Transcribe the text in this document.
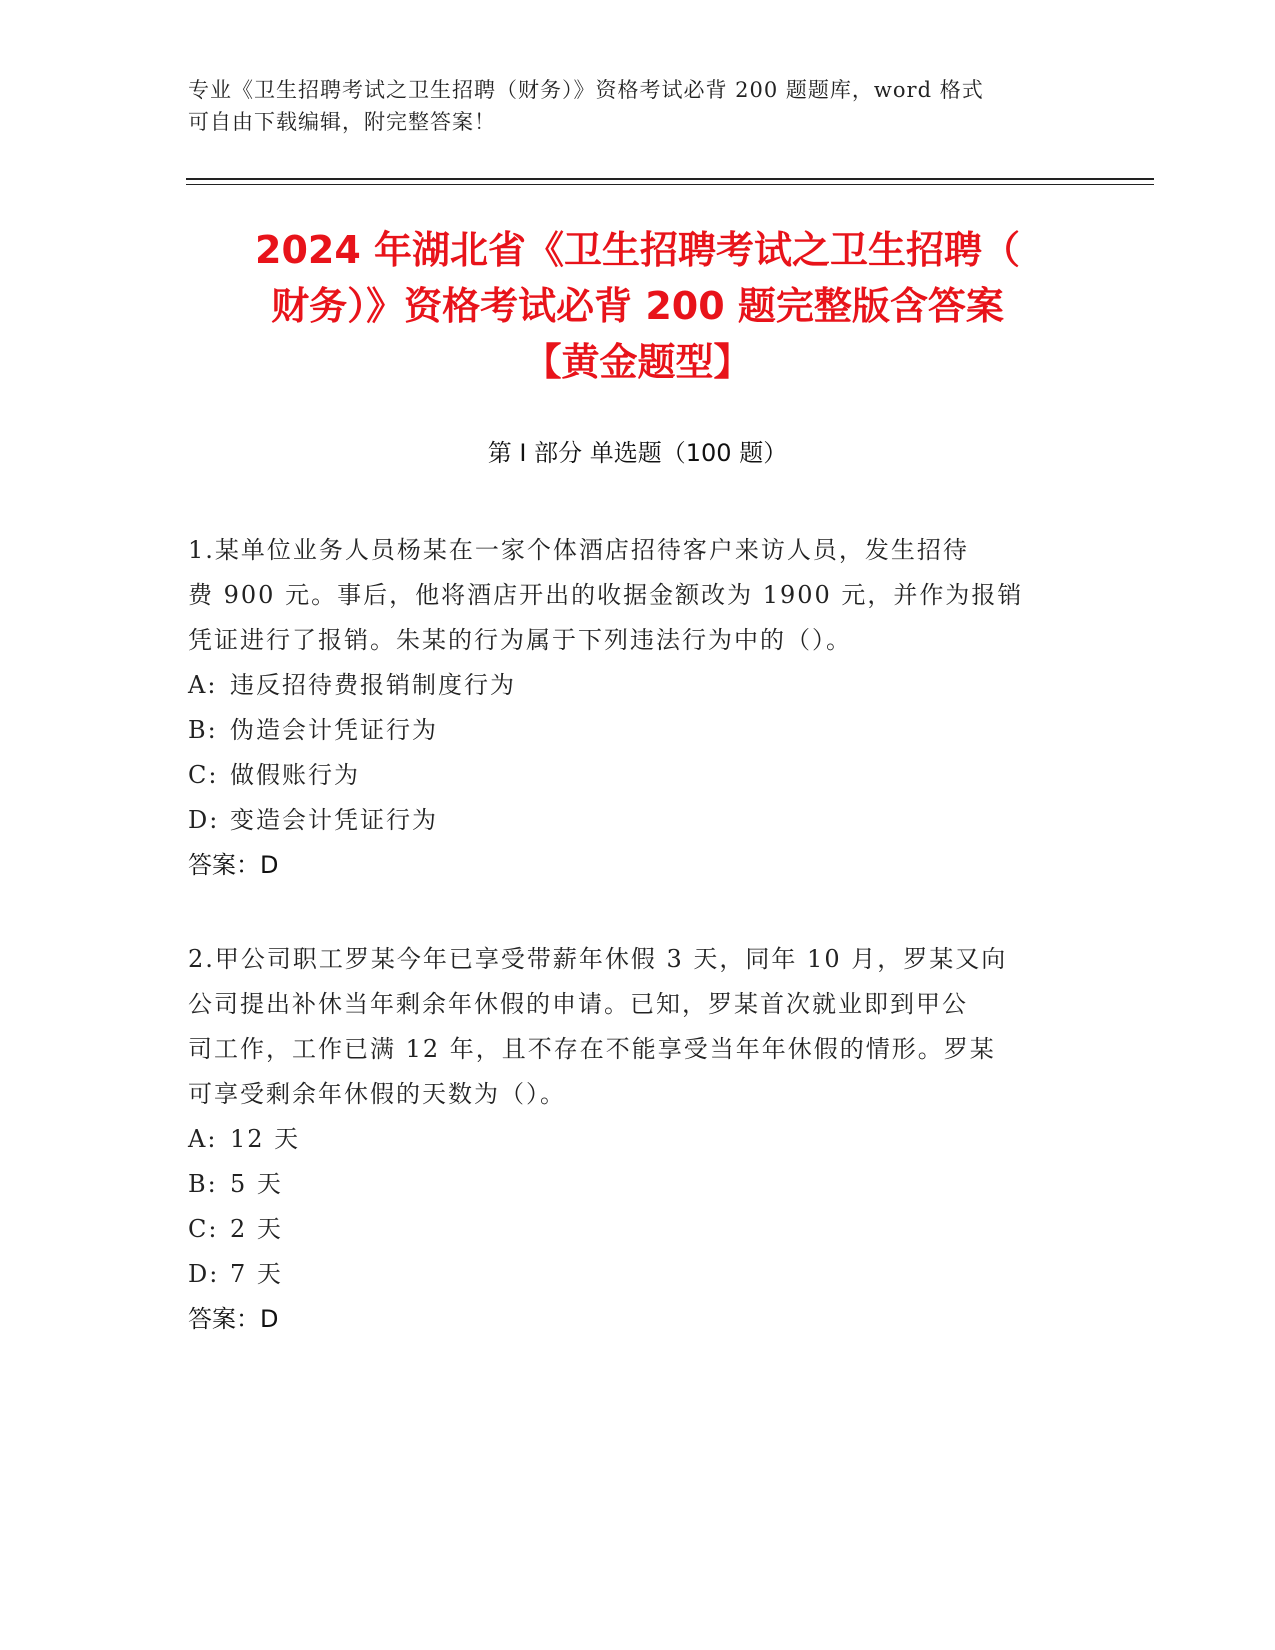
专业《卫生招聘考试之卫生招聘（财务）》资格考试必背 200 题题库，word 格式
可自由下载编辑，附完整答案！
2024 年湖北省《卫生招聘考试之卫生招聘（
财务）》资格考试必背 200 题完整版含答案
【黄金题型】
第 I 部分 单选题（100 题）

1.某单位业务人员杨某在一家个体酒店招待客户来访人员，发生招待

费 900 元。事后，他将酒店开出的收据金额改为 1900 元，并作为报销

凭证进行了报销。朱某的行为属于下列违法行为中的（）。

A: 违反招待费报销制度行为

B: 伪造会计凭证行为

C: 做假账行为

D: 变造会计凭证行为

答案：D

2.甲公司职工罗某今年已享受带薪年休假 3 天，同年 10 月，罗某又向

公司提出补休当年剩余年休假的申请。已知，罗某首次就业即到甲公

司工作，工作已满 12 年，且不存在不能享受当年年休假的情形。罗某

可享受剩余年休假的天数为（）。

A: 12 天

B: 5 天

C: 2 天

D: 7 天

答案：D
